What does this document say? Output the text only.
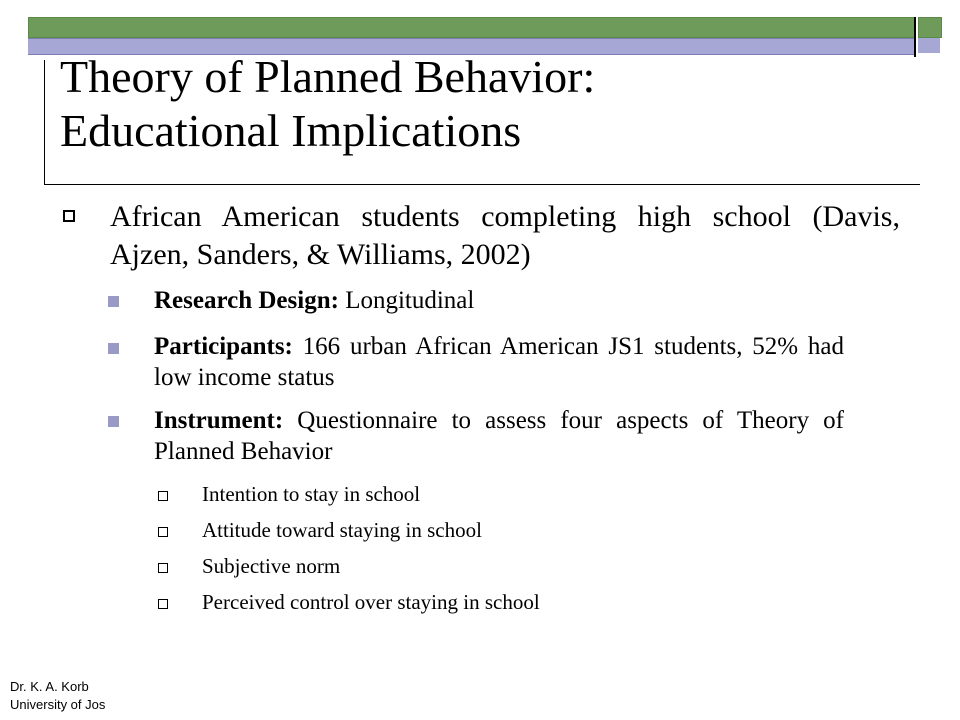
Theory of Planned Behavior:
Educational Implications
African American students completing high school (Davis, Ajzen, Sanders, & Williams, 2002)
Research Design: Longitudinal
Participants: 166 urban African American JS1 students, 52% had low income status
Instrument: Questionnaire to assess four aspects of Theory of Planned Behavior
Intention to stay in school
Attitude toward staying in school
Subjective norm
Perceived control over staying in school
Dr. K. A. Korb
University of Jos
